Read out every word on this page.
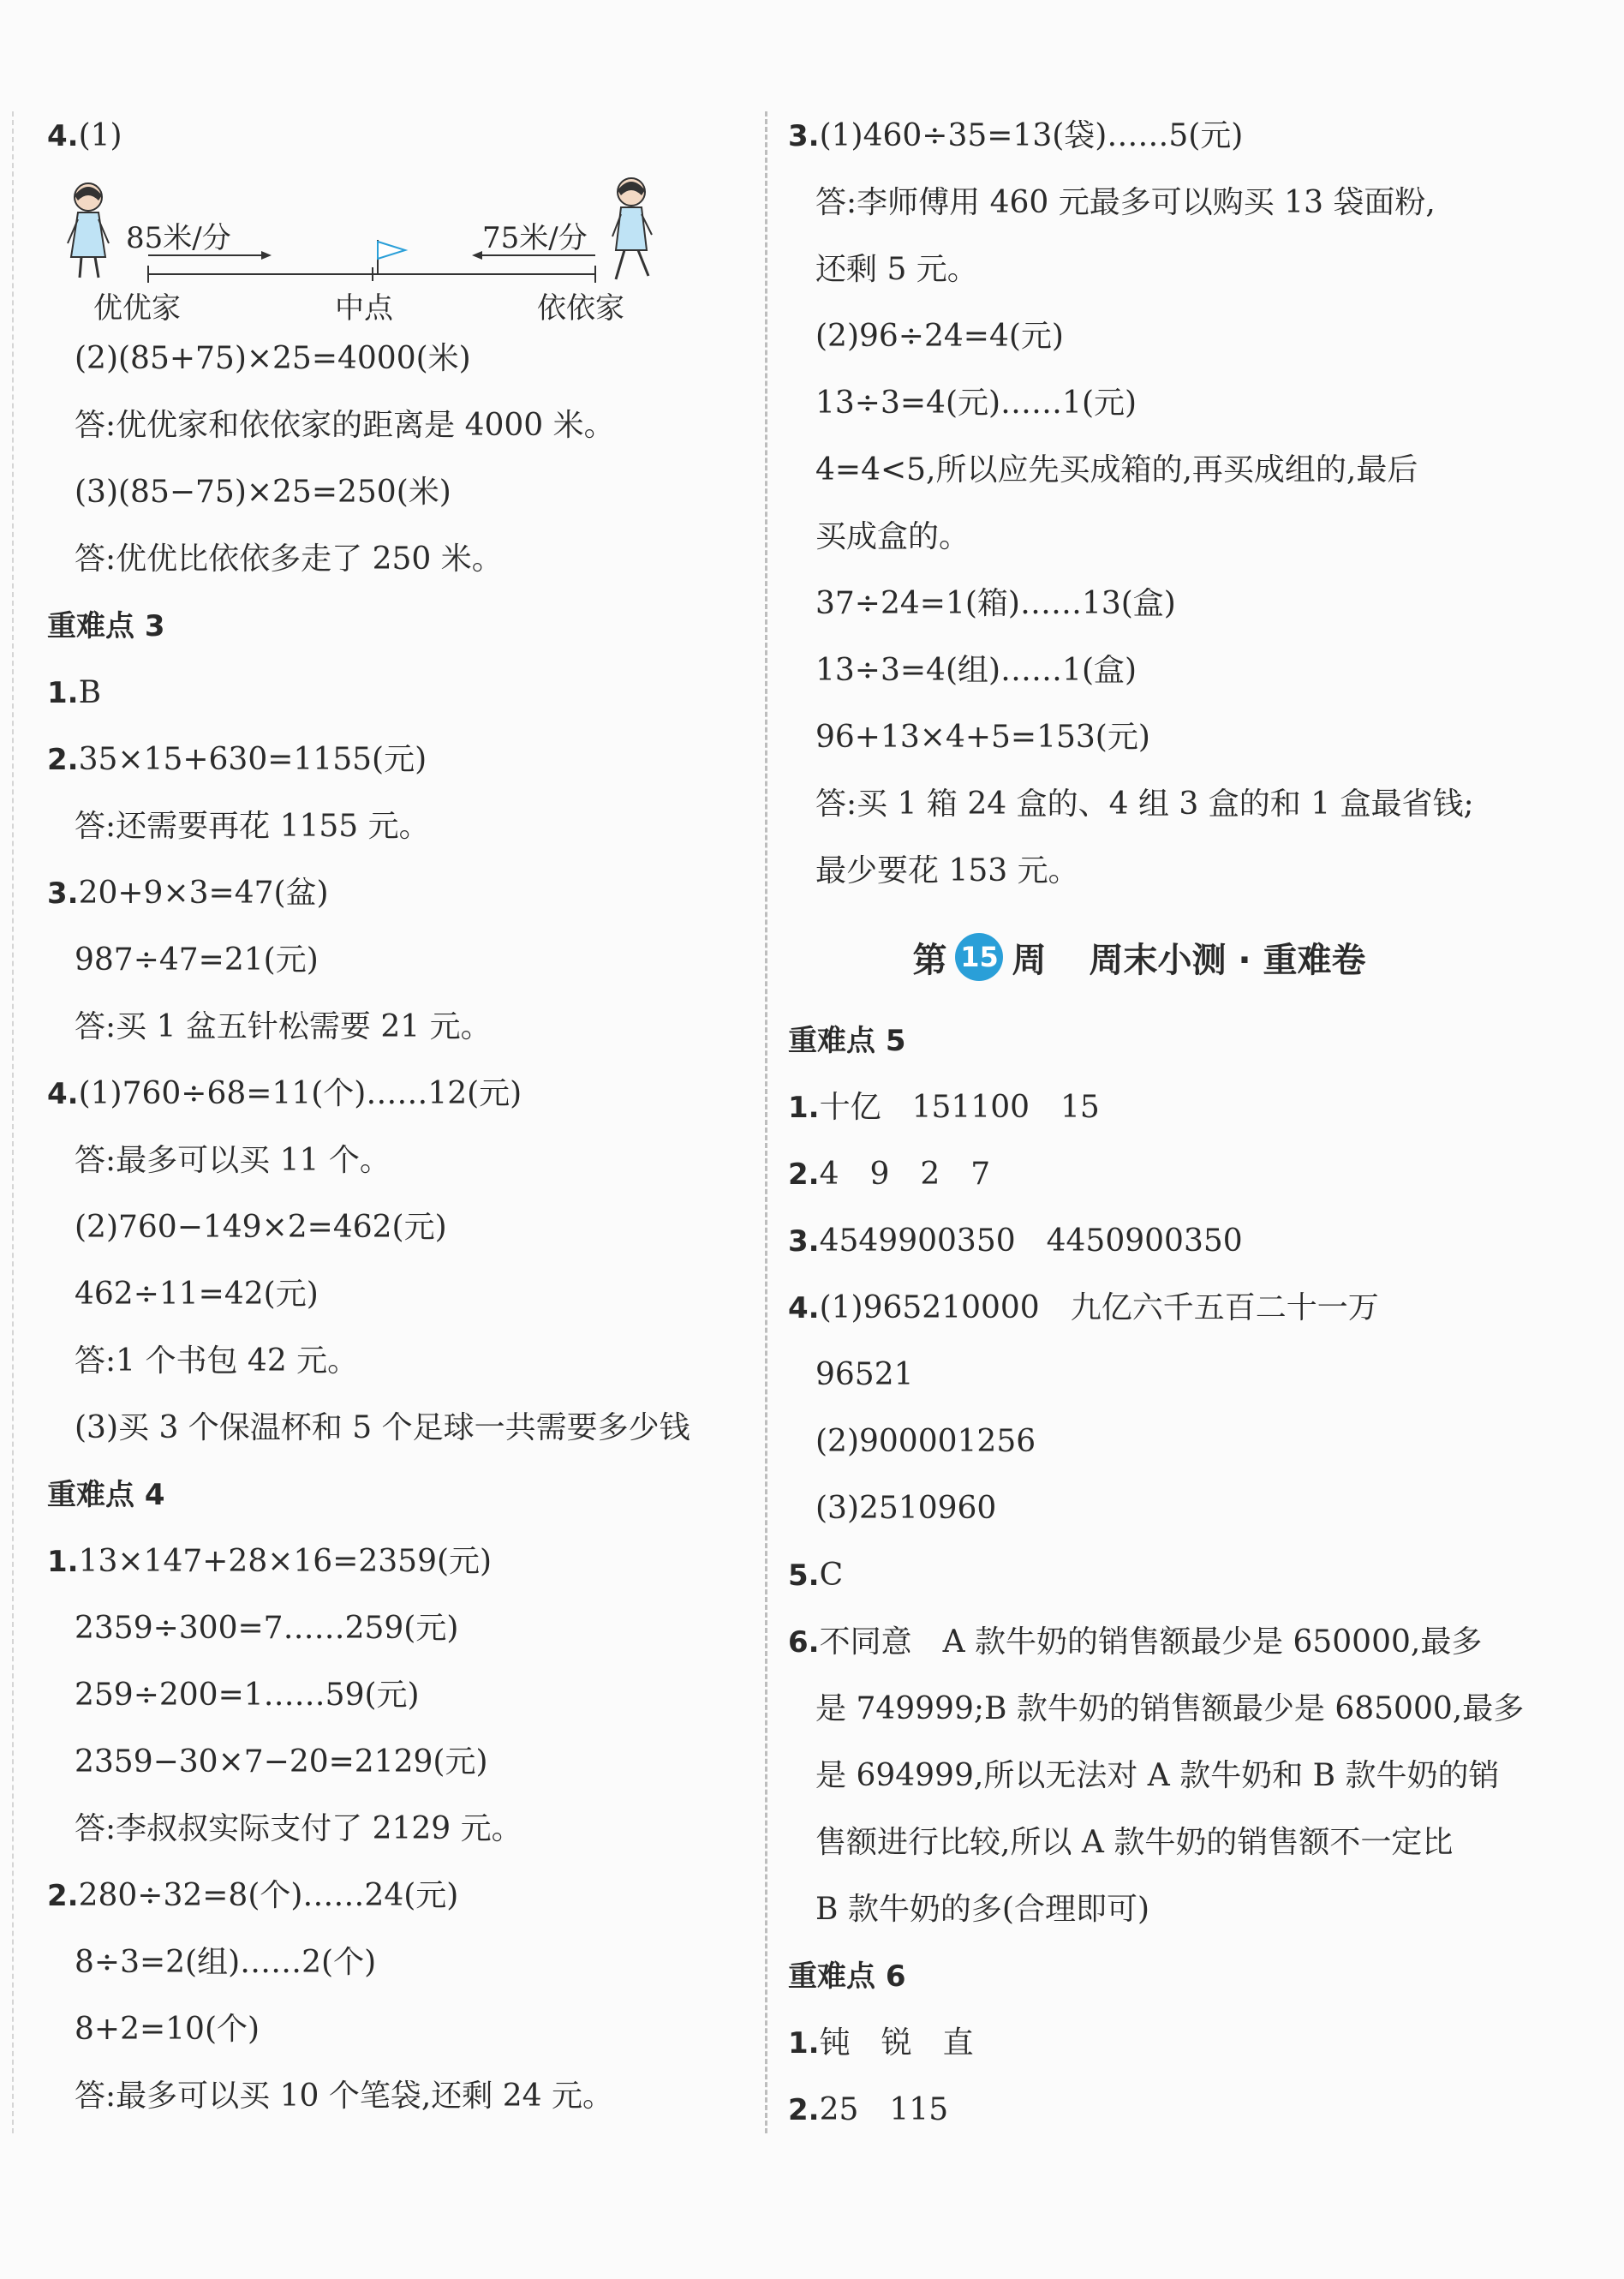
4.(1)
85米/分	75米/分
优优家	中点	依依家
(2)(85+75)×25=4000(米)
答:优优家和依依家的距离是 4000 米。
(3)(85−75)×25=250(米)
答:优优比依依多走了 250 米。
重难点 3
1.B
2.35×15+630=1155(元)
答:还需要再花 1155 元。
3.20+9×3=47(盆)
987÷47=21(元)
答:买 1 盆五针松需要 21 元。
4.(1)760÷68=11(个)……12(元)
答:最多可以买 11 个。
(2)760−149×2=462(元)
462÷11=42(元)
答:1 个书包 42 元。
(3)买 3 个保温杯和 5 个足球一共需要多少钱
重难点 4
1.13×147+28×16=2359(元)
2359÷300=7……259(元)
259÷200=1……59(元)
2359−30×7−20=2129(元)
答:李叔叔实际支付了 2129 元。
2.280÷32=8(个)……24(元)
8÷3=2(组)……2(个)
8+2=10(个)
答:最多可以买 10 个笔袋,还剩 24 元。
3.(1)460÷35=13(袋)……5(元)
答:李师傅用 460 元最多可以购买 13 袋面粉,
还剩 5 元。
(2)96÷24=4(元)
13÷3=4(元)……1(元)
4=4<5,所以应先买成箱的,再买成组的,最后
买成盒的。
37÷24=1(箱)……13(盒)
13÷3=4(组)……1(盒)
96+13×4+5=153(元)
答:买 1 箱 24 盒的、4 组 3 盒的和 1 盒最省钱;
最少要花 153 元。
第 15 周 周末小测 · 重难卷
重难点 5
1.十亿　151100　15
2.4　9　2　7
3.4549900350　4450900350
4.(1)965210000　九亿六千五百二十一万
96521
(2)900001256
(3)2510960
5.C
6.不同意　A 款牛奶的销售额最少是 650000,最多
是 749999;B 款牛奶的销售额最少是 685000,最多
是 694999,所以无法对 A 款牛奶和 B 款牛奶的销
售额进行比较,所以 A 款牛奶的销售额不一定比
B 款牛奶的多(合理即可)
重难点 6
1.钝　锐　直
2.25　115
